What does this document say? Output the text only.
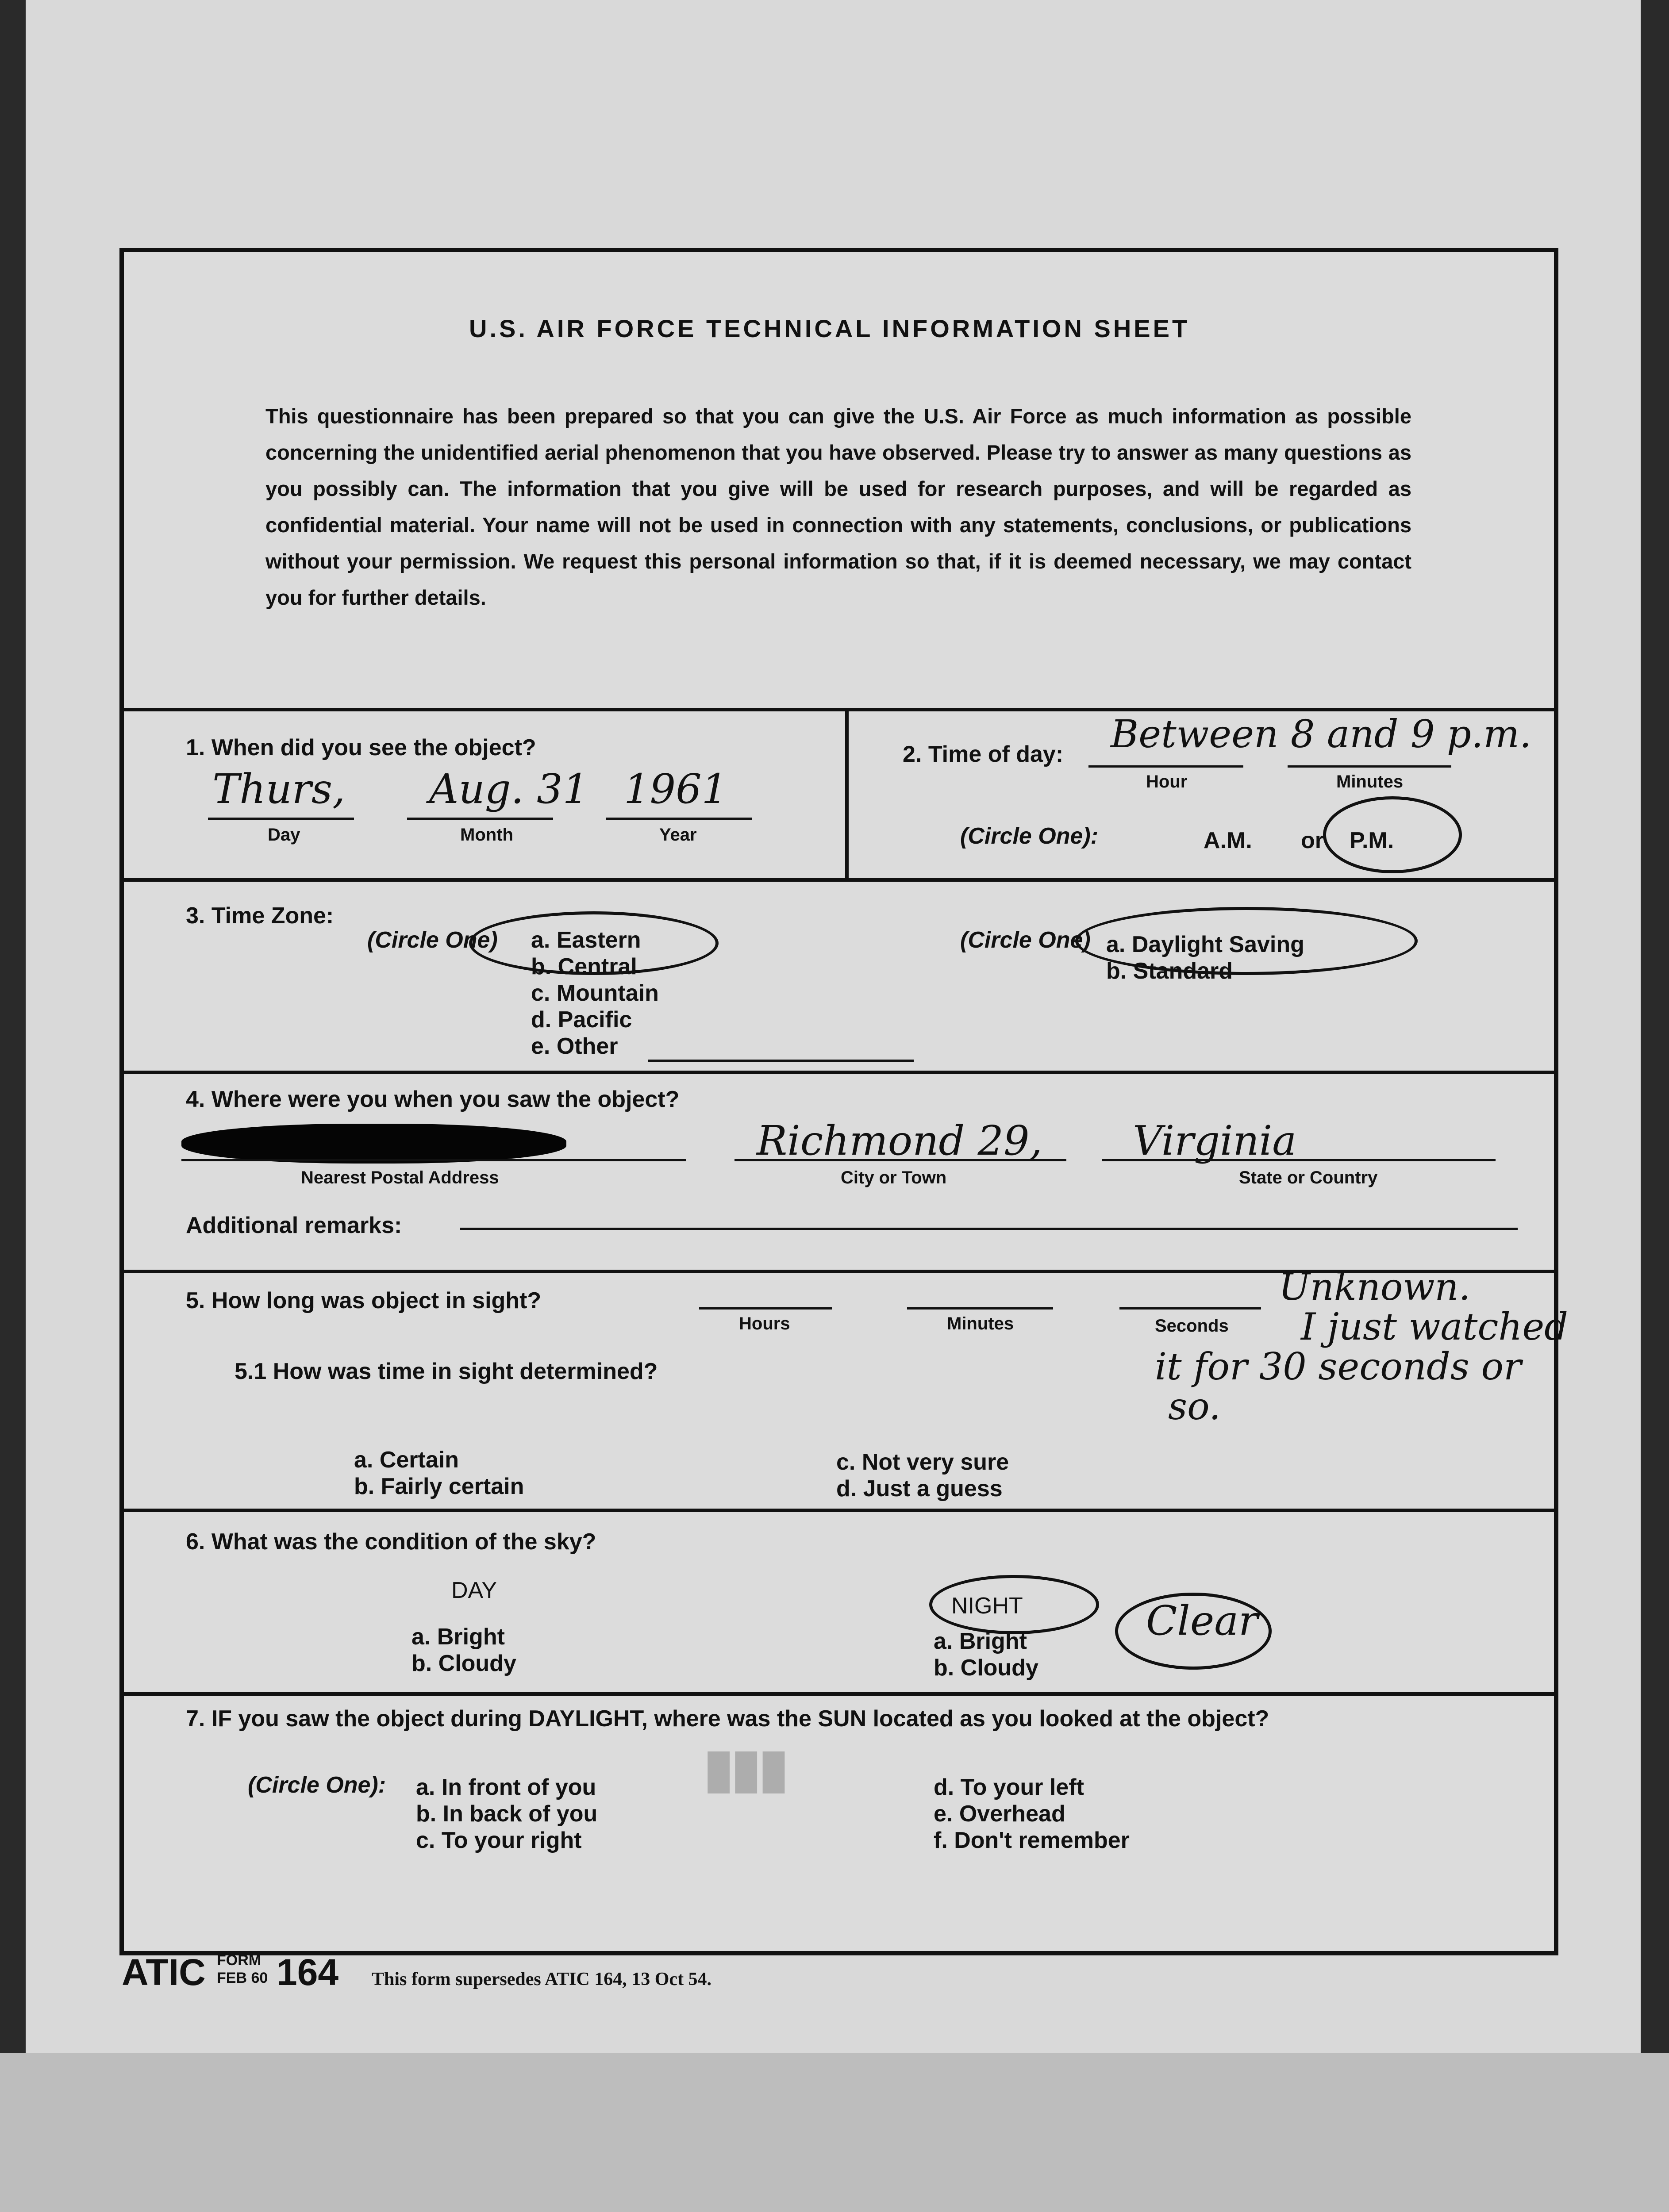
U.S. AIR FORCE TECHNICAL INFORMATION SHEET

This questionnaire has been prepared so that you can give the U.S. Air Force as much information as possible concerning the unidentified aerial phenomenon that you have observed. Please try to answer as many questions as you possibly can. The information that you give will be used for research purposes, and will be regarded as confidential material. Your name will not be used in connection with any statements, conclusions, or publications without your permission. We request this personal information so that, if it is deemed necessary, we may contact you for further details.

1. When did you see the object?
Thurs, Aug. 31 1961
Day	Month	Year
2. Time of day: Between 8 and 9 p.m.
Hour	Minutes
(Circle One):	A.M. or P.M.
3. Time Zone:
(Circle One) a. Eastern
b. Central
c. Mountain
d. Pacific
e. Other
(Circle One) a. Daylight Saving
b. Standard
4. Where were you when you saw the object?
Nearest Postal Address
Richmond 29,
City or Town
Virginia
State or Country
Additional remarks:
5. How long was object in sight?
Hours	Minutes	Seconds
Unknown.
I just watched
it for 30 seconds or
so.
5.1 How was time in sight determined?
a. Certain
b. Fairly certain
c. Not very sure
d. Just a guess
6. What was the condition of the sky?
DAY
a. Bright
b. Cloudy
NIGHT
a. Bright
b. Cloudy
Clear
7. IF you saw the object during DAYLIGHT, where was the SUN located as you looked at the object?
(Circle One): a. In front of you
b. In back of you
c. To your right
d. To your left
e. Overhead
f. Don't remember
███
ATIC FORM
FEB 60 164 This form supersedes ATIC 164, 13 Oct 54.
